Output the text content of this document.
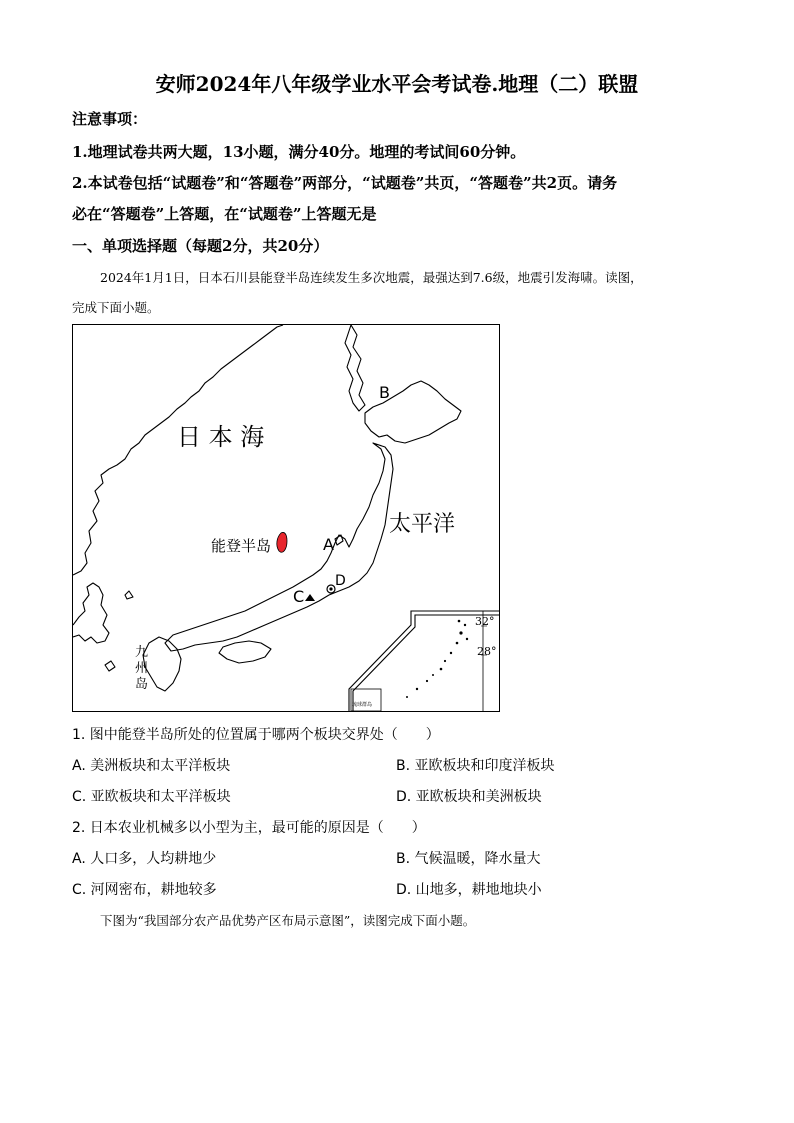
安师2024年八年级学业水平会考试卷.地理（二）联盟
注意事项：
1.地理试卷共两大题，13小题，满分40分。地理的考试间60分钟。
2.本试卷包括“试题卷”和“答题卷”两部分，“试题卷”共页，“答题卷”共2页。请务
必在“答题卷”上答题，在“试题卷”上答题无是
一、单项选择题（每题2分，共20分）
2024年1月1日，日本石川县能登半岛连续发生多次地震，最强达到7.6级，地震引发海啸。读图，
完成下面小题。
日 本 海
太平洋
能登半岛	A
B
C
D
九
州
岛
32°
28°
琉球群岛
1. 图中能登半岛所处的位置属于哪两个板块交界处（　　）
A. 美洲板块和太平洋板块	B. 亚欧板块和印度洋板块
C. 亚欧板块和太平洋板块	D. 亚欧板块和美洲板块
2. 日本农业机械多以小型为主，最可能的原因是（　　）
A. 人口多，人均耕地少	B. 气候温暖，降水量大
C. 河网密布，耕地较多	D. 山地多，耕地地块小
下图为“我国部分农产品优势产区布局示意图”，读图完成下面小题。
